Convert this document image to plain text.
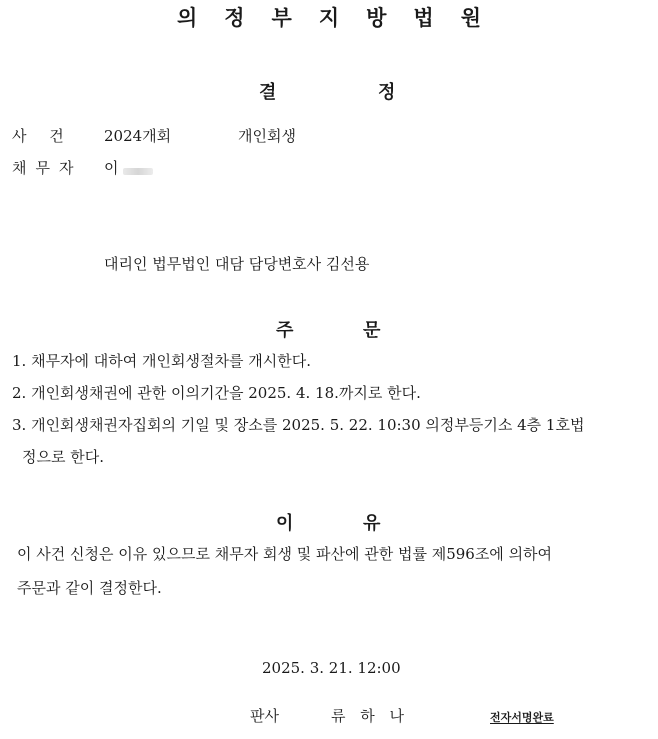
의정부지방법원
결	정
사 건 2024개회	개인회생
채무자 이
대리인 법무법인 대담 담당변호사 김선용
주	문
1. 채무자에 대하여 개인회생절차를 개시한다.
2. 개인회생채권에 관한 이의기간을 2025. 4. 18.까지로 한다.
3. 개인회생채권자집회의 기일 및 장소를 2025. 5. 22. 10:30 의정부등기소 4층 1호법
정으로 한다.
이	유
이 사건 신청은 이유 있으므로 채무자 회생 및 파산에 관한 법률 제596조에 의하여
주문과 같이 결정한다.
2025. 3. 21. 12:00
판사	류 하 나	전자서명완료
